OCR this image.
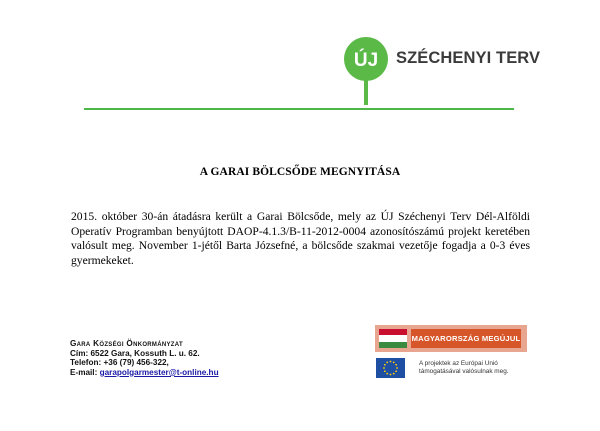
ÚJ SZÉCHENYI TERV
A GARAI BÖLCSŐDE MEGNYITÁSA

2015. október 30-án átadásra került a Garai Bölcsőde, mely az ÚJ Széchenyi Terv Dél-Alföldi Operatív Programban benyújtott DAOP-4.1.3/B-11-2012-0004 azonosítószámú projekt keretében valósult meg. November 1-jétől Barta Józsefné, a bölcsőde szakmai vezetője fogadja a 0-3 éves gyermekeket.

Gara Községi Önkormányzat
Cím: 6522 Gara, Kossuth L. u. 62.
Telefon: +36 (79) 456-322,
E-mail: garapolgarmester@t-online.hu
MAGYARORSZÁG MEGÚJUL
A projektek az Európai Unió
támogatásával valósulnak meg.
